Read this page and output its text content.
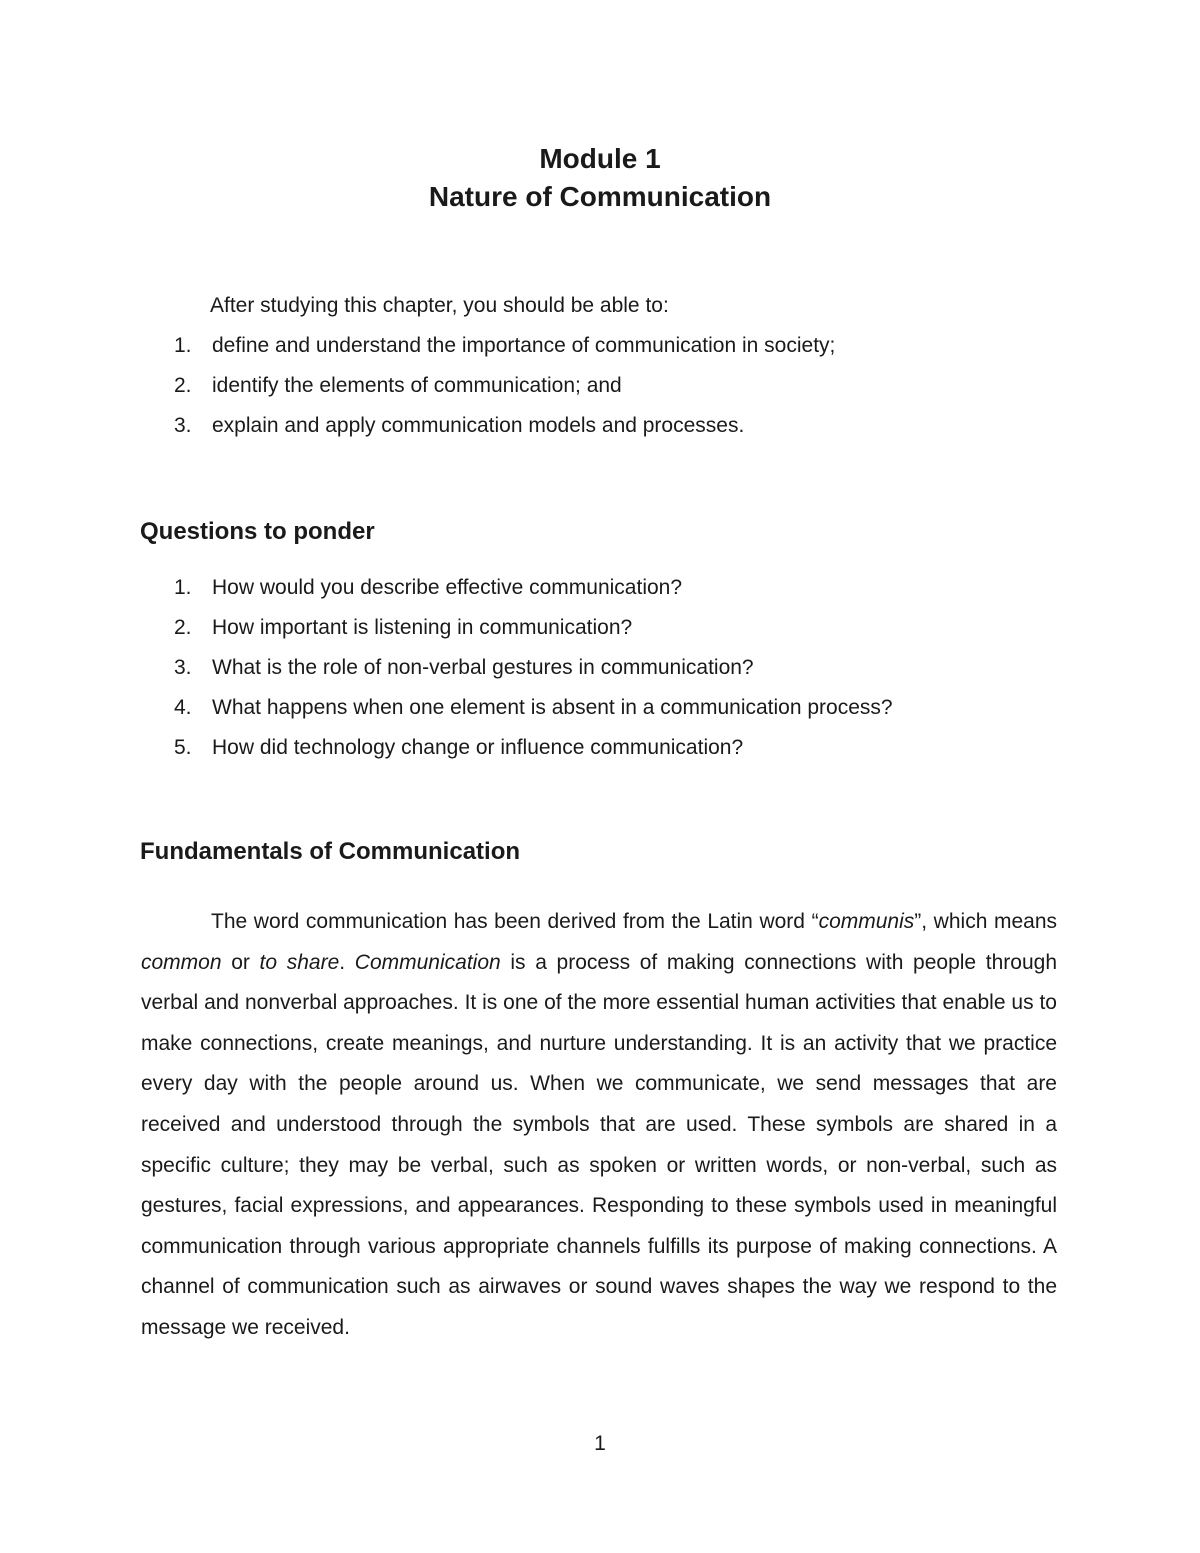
Module 1
Nature of Communication
After studying this chapter, you should be able to:
1. define and understand the importance of communication in society;
2. identify the elements of communication; and
3. explain and apply communication models and processes.
Questions to ponder
1. How would you describe effective communication?
2. How important is listening in communication?
3. What is the role of non-verbal gestures in communication?
4. What happens when one element is absent in a communication process?
5. How did technology change or influence communication?
Fundamentals of Communication

The word communication has been derived from the Latin word “communis”, which means common or to share. Communication is a process of making connections with people through verbal and nonverbal approaches. It is one of the more essential human activities that enable us to make connections, create meanings, and nurture understanding. It is an activity that we practice every day with the people around us. When we communicate, we send messages that are received and understood through the symbols that are used. These symbols are shared in a specific culture; they may be verbal, such as spoken or written words, or non-verbal, such as gestures, facial expressions, and appearances. Responding to these symbols used in meaningful communication through various appropriate channels fulfills its purpose of making connections. A channel of communication such as airwaves or sound waves shapes the way we respond to the message we received.

1
